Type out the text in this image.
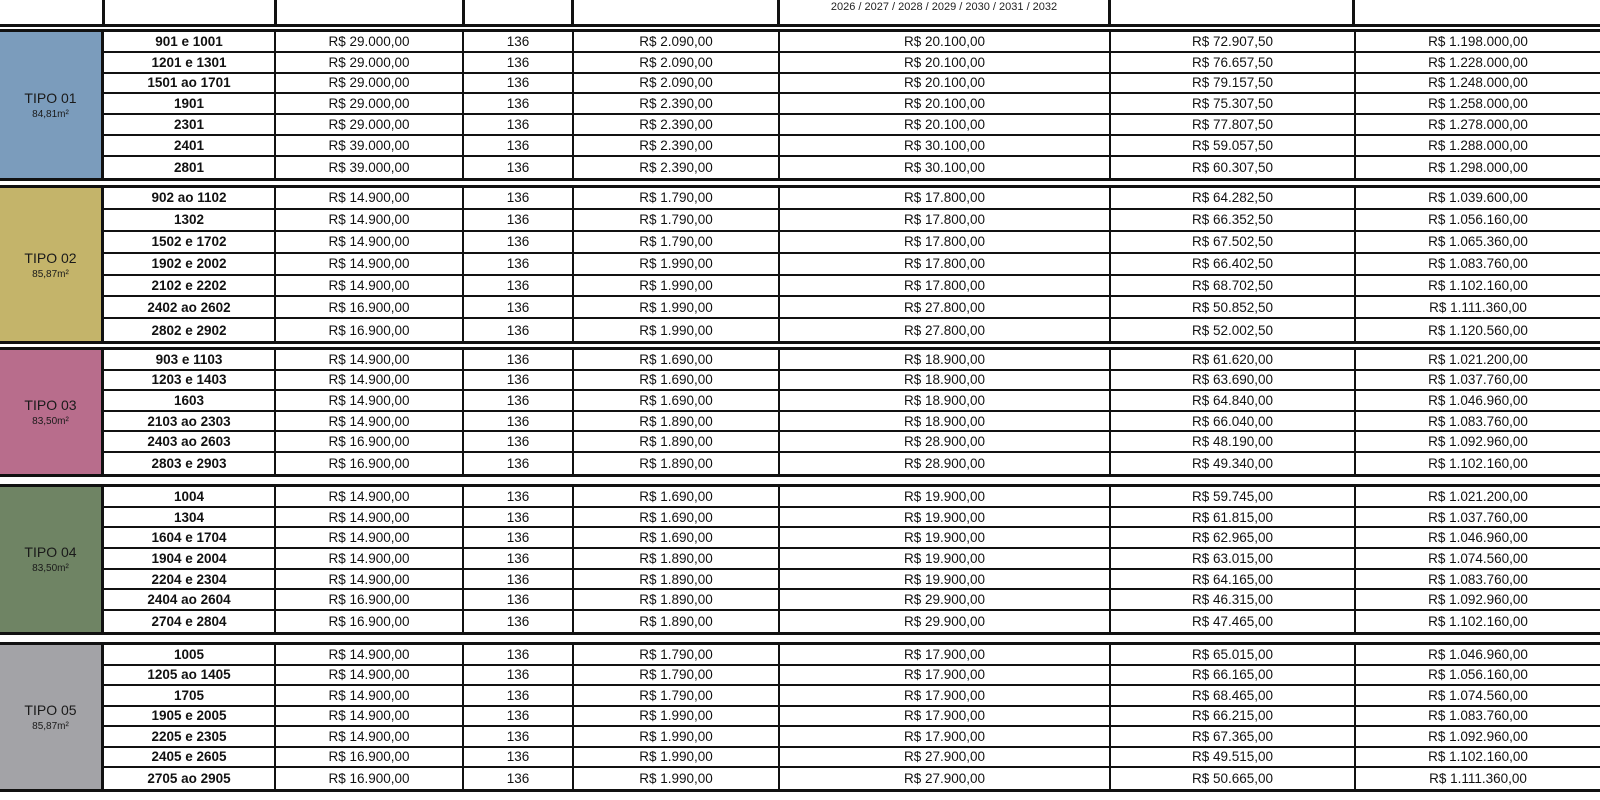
2026 / 2027 / 2028 / 2029 / 2030 / 2031 / 2032
TIPO 01
84,81m²
901 e 1001	R$ 29.000,00	136	R$ 2.090,00	R$ 20.100,00	R$ 72.907,50	R$ 1.198.000,00
1201 e 1301	R$ 29.000,00	136	R$ 2.090,00	R$ 20.100,00	R$ 76.657,50	R$ 1.228.000,00
1501 ao 1701	R$ 29.000,00	136	R$ 2.090,00	R$ 20.100,00	R$ 79.157,50	R$ 1.248.000,00
1901	R$ 29.000,00	136	R$ 2.390,00	R$ 20.100,00	R$ 75.307,50	R$ 1.258.000,00
2301	R$ 29.000,00	136	R$ 2.390,00	R$ 20.100,00	R$ 77.807,50	R$ 1.278.000,00
2401	R$ 39.000,00	136	R$ 2.390,00	R$ 30.100,00	R$ 59.057,50	R$ 1.288.000,00
2801	R$ 39.000,00	136	R$ 2.390,00	R$ 30.100,00	R$ 60.307,50	R$ 1.298.000,00
TIPO 02
85,87m²
902 ao 1102	R$ 14.900,00	136	R$ 1.790,00	R$ 17.800,00	R$ 64.282,50	R$ 1.039.600,00
1302	R$ 14.900,00	136	R$ 1.790,00	R$ 17.800,00	R$ 66.352,50	R$ 1.056.160,00
1502 e 1702	R$ 14.900,00	136	R$ 1.790,00	R$ 17.800,00	R$ 67.502,50	R$ 1.065.360,00
1902 e 2002	R$ 14.900,00	136	R$ 1.990,00	R$ 17.800,00	R$ 66.402,50	R$ 1.083.760,00
2102 e 2202	R$ 14.900,00	136	R$ 1.990,00	R$ 17.800,00	R$ 68.702,50	R$ 1.102.160,00
2402 ao 2602	R$ 16.900,00	136	R$ 1.990,00	R$ 27.800,00	R$ 50.852,50	R$ 1.111.360,00
2802 e 2902	R$ 16.900,00	136	R$ 1.990,00	R$ 27.800,00	R$ 52.002,50	R$ 1.120.560,00
TIPO 03
83,50m²
903 e 1103	R$ 14.900,00	136	R$ 1.690,00	R$ 18.900,00	R$ 61.620,00	R$ 1.021.200,00
1203 e 1403	R$ 14.900,00	136	R$ 1.690,00	R$ 18.900,00	R$ 63.690,00	R$ 1.037.760,00
1603	R$ 14.900,00	136	R$ 1.690,00	R$ 18.900,00	R$ 64.840,00	R$ 1.046.960,00
2103 ao 2303	R$ 14.900,00	136	R$ 1.890,00	R$ 18.900,00	R$ 66.040,00	R$ 1.083.760,00
2403 ao 2603	R$ 16.900,00	136	R$ 1.890,00	R$ 28.900,00	R$ 48.190,00	R$ 1.092.960,00
2803 e 2903	R$ 16.900,00	136	R$ 1.890,00	R$ 28.900,00	R$ 49.340,00	R$ 1.102.160,00
TIPO 04
83,50m²
1004	R$ 14.900,00	136	R$ 1.690,00	R$ 19.900,00	R$ 59.745,00	R$ 1.021.200,00
1304	R$ 14.900,00	136	R$ 1.690,00	R$ 19.900,00	R$ 61.815,00	R$ 1.037.760,00
1604 e 1704	R$ 14.900,00	136	R$ 1.690,00	R$ 19.900,00	R$ 62.965,00	R$ 1.046.960,00
1904 e 2004	R$ 14.900,00	136	R$ 1.890,00	R$ 19.900,00	R$ 63.015,00	R$ 1.074.560,00
2204 e 2304	R$ 14.900,00	136	R$ 1.890,00	R$ 19.900,00	R$ 64.165,00	R$ 1.083.760,00
2404 ao 2604	R$ 16.900,00	136	R$ 1.890,00	R$ 29.900,00	R$ 46.315,00	R$ 1.092.960,00
2704 e 2804	R$ 16.900,00	136	R$ 1.890,00	R$ 29.900,00	R$ 47.465,00	R$ 1.102.160,00
TIPO 05
85,87m²
1005	R$ 14.900,00	136	R$ 1.790,00	R$ 17.900,00	R$ 65.015,00	R$ 1.046.960,00
1205 ao 1405	R$ 14.900,00	136	R$ 1.790,00	R$ 17.900,00	R$ 66.165,00	R$ 1.056.160,00
1705	R$ 14.900,00	136	R$ 1.790,00	R$ 17.900,00	R$ 68.465,00	R$ 1.074.560,00
1905 e 2005	R$ 14.900,00	136	R$ 1.990,00	R$ 17.900,00	R$ 66.215,00	R$ 1.083.760,00
2205 e 2305	R$ 14.900,00	136	R$ 1.990,00	R$ 17.900,00	R$ 67.365,00	R$ 1.092.960,00
2405 e 2605	R$ 16.900,00	136	R$ 1.990,00	R$ 27.900,00	R$ 49.515,00	R$ 1.102.160,00
2705 ao 2905	R$ 16.900,00	136	R$ 1.990,00	R$ 27.900,00	R$ 50.665,00	R$ 1.111.360,00
